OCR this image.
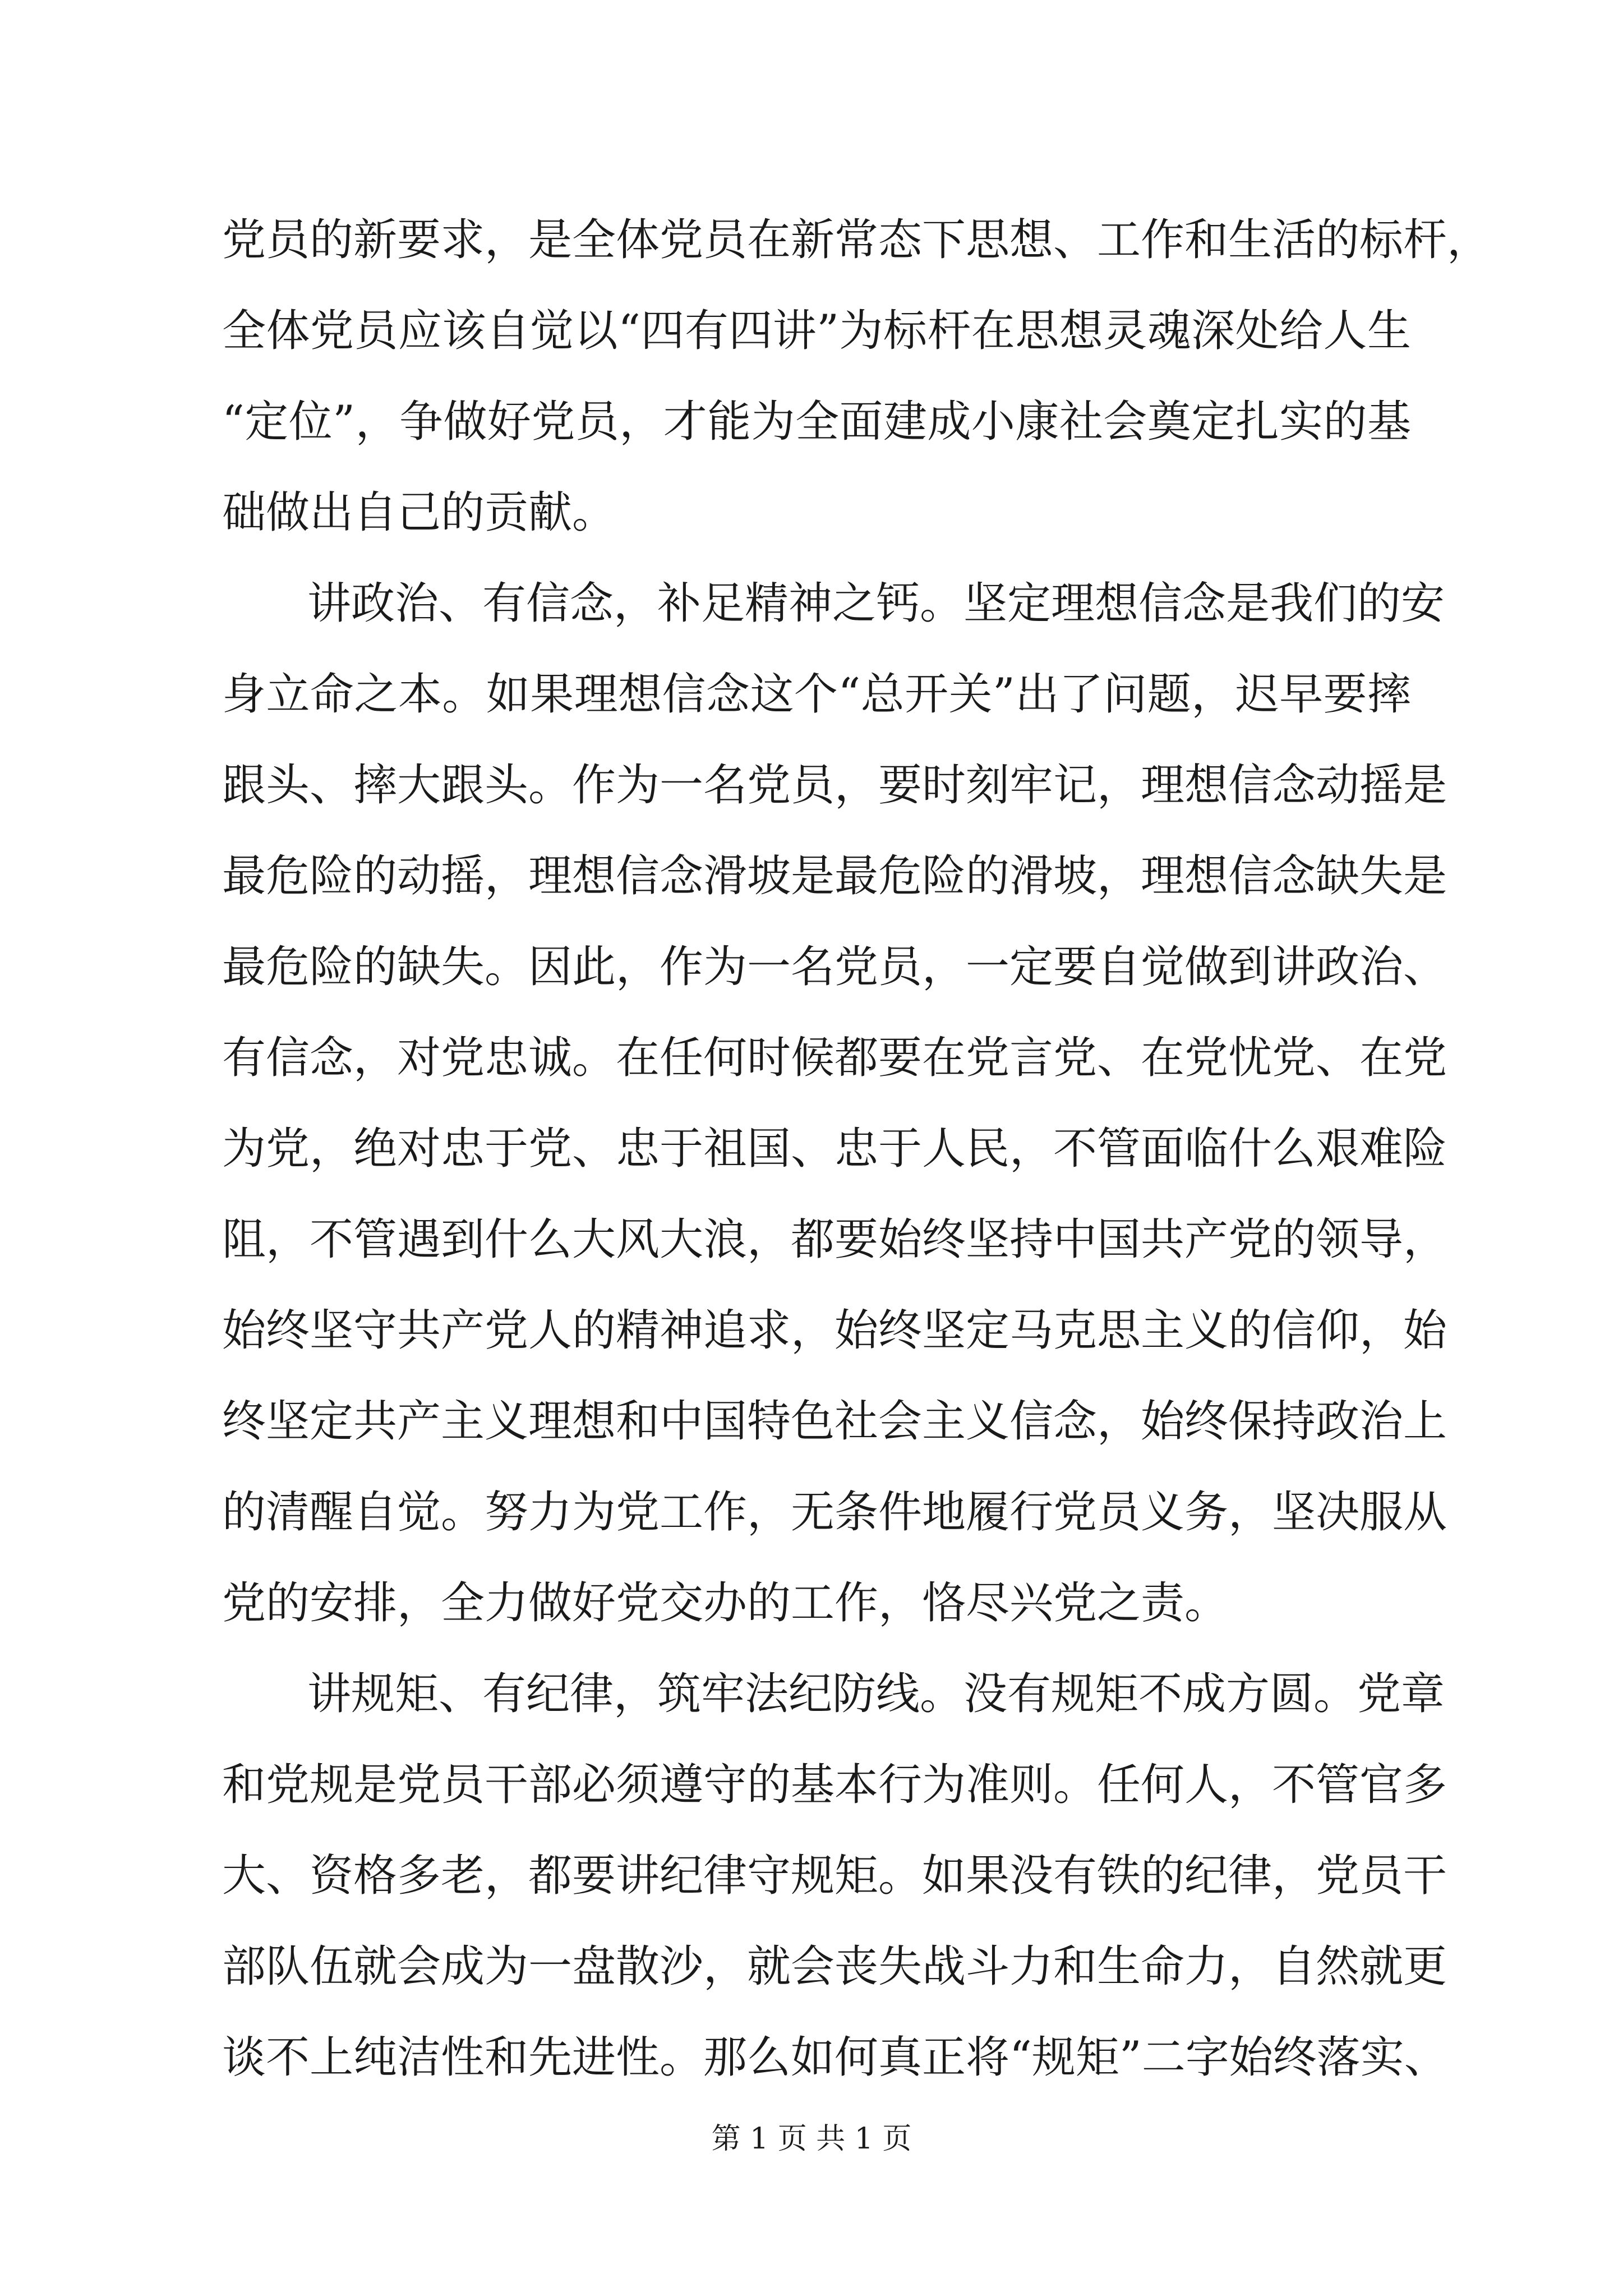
党员的新要求，是全体党员在新常态下思想、工作和生活的标杆，
全体党员应该自觉以“四有四讲”为标杆在思想灵魂深处给人生
“定位”，争做好党员，才能为全面建成小康社会奠定扎实的基
础做出自己的贡献。
讲政治、有信念，补足精神之钙。坚定理想信念是我们的安
身立命之本。如果理想信念这个“总开关”出了问题，迟早要摔
跟头、摔大跟头。作为一名党员，要时刻牢记，理想信念动摇是
最危险的动摇，理想信念滑坡是最危险的滑坡，理想信念缺失是
最危险的缺失。因此，作为一名党员，一定要自觉做到讲政治、
有信念，对党忠诚。在任何时候都要在党言党、在党忧党、在党
为党，绝对忠于党、忠于祖国、忠于人民，不管面临什么艰难险
阻，不管遇到什么大风大浪，都要始终坚持中国共产党的领导，
始终坚守共产党人的精神追求，始终坚定马克思主义的信仰，始
终坚定共产主义理想和中国特色社会主义信念，始终保持政治上
的清醒自觉。努力为党工作，无条件地履行党员义务，坚决服从
党的安排，全力做好党交办的工作，恪尽兴党之责。
讲规矩、有纪律，筑牢法纪防线。没有规矩不成方圆。党章
和党规是党员干部必须遵守的基本行为准则。任何人，不管官多
大、资格多老，都要讲纪律守规矩。如果没有铁的纪律，党员干
部队伍就会成为一盘散沙，就会丧失战斗力和生命力，自然就更
谈不上纯洁性和先进性。那么如何真正将“规矩”二字始终落实、
第 1 页 共 1 页
